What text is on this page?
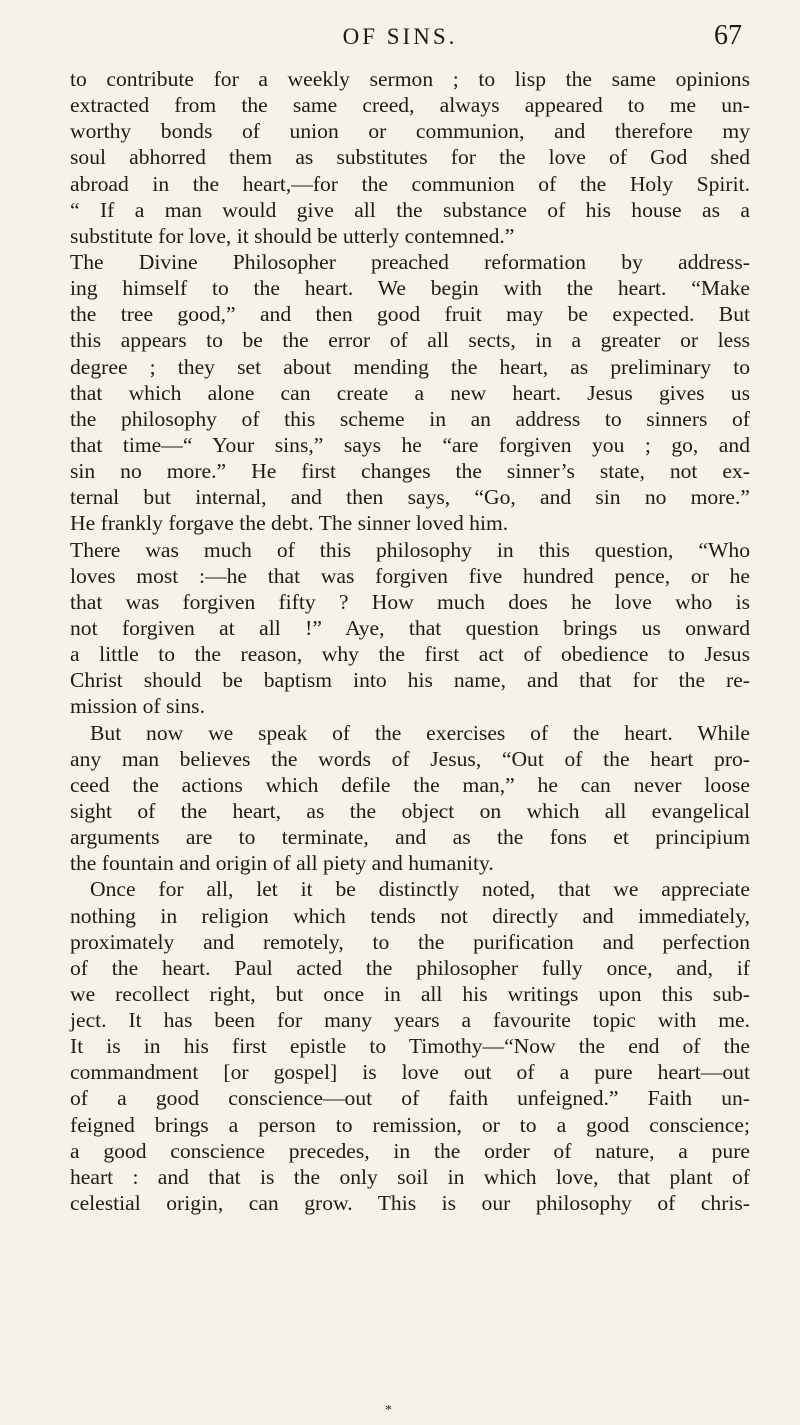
OF SINS.	67
to contribute for a weekly sermon ; to lisp the same opinions
extracted from the same creed, always appeared to me un-
worthy bonds of union or communion, and therefore my
soul abhorred them as substitutes for the love of God shed
abroad in the heart,—for the communion of the Holy Spirit.
“ If a man would give all the substance of his house as a
substitute for love, it should be utterly contemned.”
The Divine Philosopher preached reformation by address-
ing himself to the heart. We begin with the heart. “Make
the tree good,” and then good fruit may be expected. But
this appears to be the error of all sects, in a greater or less
degree ; they set about mending the heart, as preliminary to
that which alone can create a new heart. Jesus gives us
the philosophy of this scheme in an address to sinners of
that time—“ Your sins,” says he “are forgiven you ; go, and
sin no more.” He first changes the sinner’s state, not ex-
ternal but internal, and then says, “Go, and sin no more.”
He frankly forgave the debt. The sinner loved him.
There was much of this philosophy in this question, “Who
loves most :—he that was forgiven five hundred pence, or he
that was forgiven fifty ? How much does he love who is
not forgiven at all !” Aye, that question brings us onward
a little to the reason, why the first act of obedience to Jesus
Christ should be baptism into his name, and that for the re-
mission of sins.
But now we speak of the exercises of the heart. While
any man believes the words of Jesus, “Out of the heart pro-
ceed the actions which defile the man,” he can never loose
sight of the heart, as the object on which all evangelical
arguments are to terminate, and as the fons et principium
the fountain and origin of all piety and humanity.
Once for all, let it be distinctly noted, that we appreciate
nothing in religion which tends not directly and immediately,
proximately and remotely, to the purification and perfection
of the heart. Paul acted the philosopher fully once, and, if
we recollect right, but once in all his writings upon this sub-
ject. It has been for many years a favourite topic with me.
It is in his first epistle to Timothy—“Now the end of the
commandment [or gospel] is love out of a pure heart—out
of a good conscience—out of faith unfeigned.” Faith un-
feigned brings a person to remission, or to a good conscience;
a good conscience precedes, in the order of nature, a pure
heart : and that is the only soil in which love, that plant of
celestial origin, can grow. This is our philosophy of chris-
*
